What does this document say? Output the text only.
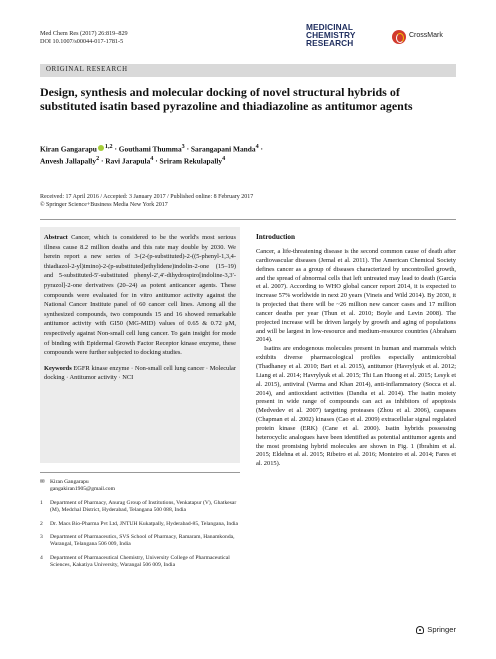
Med Chem Res (2017) 26:819–829
DOI 10.1007/s00044-017-1781-5
MEDICINAL
CHEMISTRY
RESEARCH
CrossMark
ORIGINAL RESEARCH
Design, synthesis and molecular docking of novel structural hybrids of substituted isatin based pyrazoline and thiadiazoline as antitumor agents
Kiran Gangarapu $^{1,2}$ · Gouthami Thumma$^3$ · Sarangapani Manda$^4$ ·
Anvesh Jallapally$^2$ · Ravi Jarapula$^4$ · Sriram Rekulapally$^4$
Received: 17 April 2016 / Accepted: 3 January 2017 / Published online: 8 February 2017
© Springer Science+Business Media New York 2017

Abstract Cancer, which is considered to be the world's most serious illness cause 8.2 million deaths and this rate may double by 2030. We herein report a new series of 3-(2-(p-substituted)-2-((5-phenyl-1,3,4-thiadiazol-2-yl)imino)-2-(p-substituted)ethylidene)indolin-2-one (15–19) and 5-substituted-5′-substituted phenyl-2′,4′-dihydrospiro[indoline-3,3′-pyrazol]-2-one derivatives (20–24) as potent anticancer agents. These compounds were evaluated for in vitro antitumor activity against the National Cancer Institute panel of 60 cancer cell lines. Among all the synthesized compounds, two compounds 15 and 16 showed remarkable antitumor activity with GI50 (MG-MID) values of 0.65 & 0.72 μM, respectively against Non-small cell lung cancer. To gain insight for mode of binding with Epidermal Growth Factor Receptor kinase enzyme, these compounds were further subjected to docking studies.

Keywords EGFR kinase enzyme · Non-small cell lung cancer · Molecular docking · Antitumor activity · NCI

✉ Kiran Gangarapu
gangakiran1905@gmail.com
1	Department of Pharmacy, Anurag Group of Institutions, Venkatapur (V), Ghatkesar (M), Medchal District, Hyderabad, Telangana 500 088, India
2	Dr. Macs Bio-Pharma Pvt Ltd, JNTUH Kukatpally, Hyderabad-85, Telangana, India
3	Department of Pharmaceutics, SVS School of Pharmacy, Ramaram, Hanamkonda, Warangal, Telangana 506 009, India
4	Department of Pharmaceutical Chemistry, University College of Pharmaceutical Sciences, Kakatiya University, Warangal 506 009, India
Introduction

Cancer, a life-threatening disease is the second common cause of death after cardiovascular diseases (Jemal et al. 2011). The American Chemical Society defines cancer as a group of diseases characterized by uncontrolled growth, and the spread of abnormal cells that left untreated may lead to death (García et al. 2007). According to WHO global cancer report 2014, it is expected to increase 57% worldwide in next 20 years (Vineis and Wild 2014). By 2030, it is projected that there will be ~26 million new cancer cases and 17 million cancer deaths per year (Thun et al. 2010; Boyle and Levin 2008). The projected increase will be driven largely by growth and aging of populations and will be largest in low-resource and medium-resource countries (Abraham 2014).

Isatins are endogenous molecules present in human and mammals which exhibits diverse pharmacological profiles especially antimicrobial (Thadhaney et al. 2010; Bari et al. 2015), antitumor (Havrylyuk et al. 2012; Liang et al. 2014; Havrylyuk et al. 2015; Thi Lan Huong et al. 2015; Lesyk et al. 2015), antiviral (Varma and Khan 2014), anti-inflammatory (Socca et al. 2014), and antioxidant activities (Dandia et al. 2014). The isatin moiety present in wide range of compounds can act as inhibitors of apoptosis (Medvedev et al. 2007) targeting proteases (Zhou et al. 2006), caspases (Chapman et al. 2002) kinases (Cao et al. 2009) extracellular signal regulated protein kinase (ERK) (Cane et al. 2000). Isatin hybrids possessing heterocyclic analogues have been identified as potential antitumor agents and the most promising hybrid molecules are shown in Fig. 1 (Ibrahim et al. 2015; Eldehna et al. 2015; Ribeiro et al. 2016; Monteiro et al. 2014; Fares et al. 2015).

Springer
